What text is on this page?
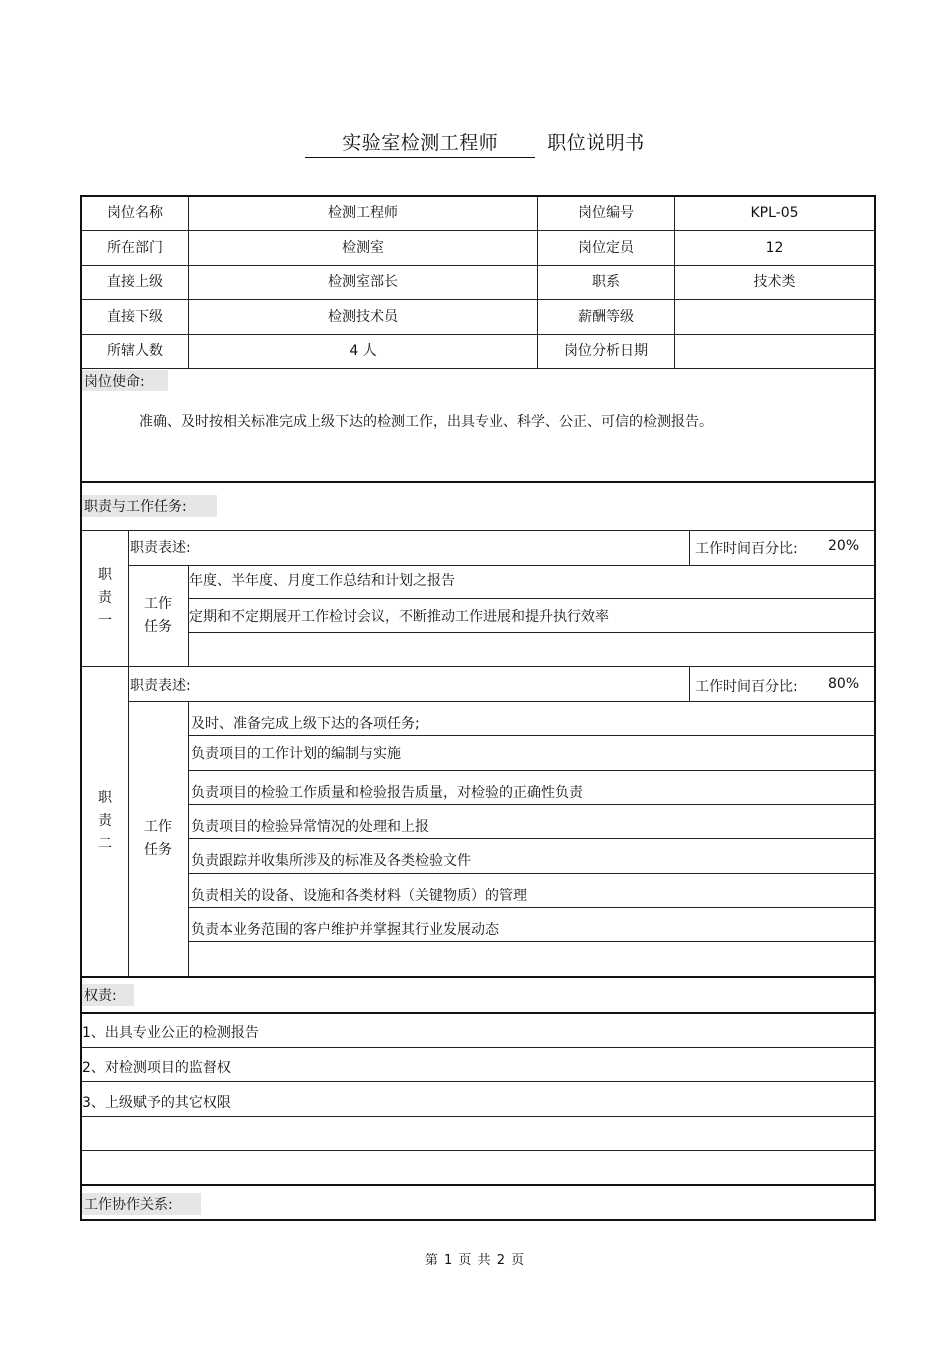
实验室检测工程师	职位说明书
岗位名称	检测工程师	岗位编号	KPL-05
所在部门	检测室	岗位定员	12
直接上级	检测室部长	职系	技术类
直接下级	检测技术员	薪酬等级
所辖人数	4 人	岗位分析日期
岗位使命:
准确、及时按相关标准完成上级下达的检测工作，出具专业、科学、公正、可信的检测报告。
职责与工作任务:
职
责
一
职责表述:	工作时间百分比: 20%
工作
任务
年度、半年度、月度工作总结和计划之报告
定期和不定期展开工作检讨会议，不断推动工作进展和提升执行效率
职
责
二
职责表述:	工作时间百分比: 80%
工作
任务
及时、准备完成上级下达的各项任务;
负责项目的工作计划的编制与实施
负责项目的检验工作质量和检验报告质量，对检验的正确性负责
负责项目的检验异常情况的处理和上报
负责跟踪并收集所涉及的标准及各类检验文件
负责相关的设备、设施和各类材料（关键物质）的管理
负责本业务范围的客户维护并掌握其行业发展动态
权责:
1、出具专业公正的检测报告
2、对检测项目的监督权
3、上级赋予的其它权限
工作协作关系:
第 1 页 共 2 页
